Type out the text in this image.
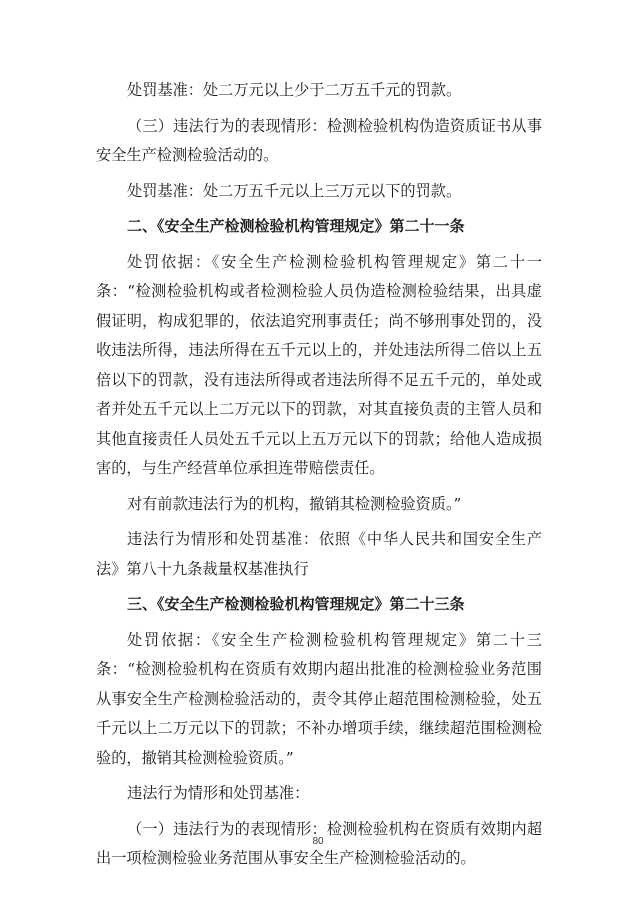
处罚基准：处二万元以上少于二万五千元的罚款。

（三）违法行为的表现情形：检测检验机构伪造资质证书从事安全生产检测检验活动的。

处罚基准：处二万五千元以上三万元以下的罚款。

二、《安全生产检测检验机构管理规定》第二十一条

处罚依据：《安全生产检测检验机构管理规定》第二十一条：“检测检验机构或者检测检验人员伪造检测检验结果，出具虚假证明，构成犯罪的，依法追究刑事责任；尚不够刑事处罚的，没收违法所得，违法所得在五千元以上的，并处违法所得二倍以上五倍以下的罚款，没有违法所得或者违法所得不足五千元的，单处或者并处五千元以上二万元以下的罚款，对其直接负责的主管人员和其他直接责任人员处五千元以上五万元以下的罚款；给他人造成损害的，与生产经营单位承担连带赔偿责任。

对有前款违法行为的机构，撤销其检测检验资质。”

违法行为情形和处罚基准：依照《中华人民共和国安全生产法》第八十九条裁量权基准执行

三、《安全生产检测检验机构管理规定》第二十三条

处罚依据：《安全生产检测检验机构管理规定》第二十三条：“检测检验机构在资质有效期内超出批准的检测检验业务范围从事安全生产检测检验活动的，责令其停止超范围检测检验，处五千元以上二万元以下的罚款；不补办增项手续，继续超范围检测检验的，撤销其检测检验资质。”

违法行为情形和处罚基准：

（一）违法行为的表现情形：检测检验机构在资质有效期内超出一项检测检验业务范围从事安全生产检测检验活动的。

80
